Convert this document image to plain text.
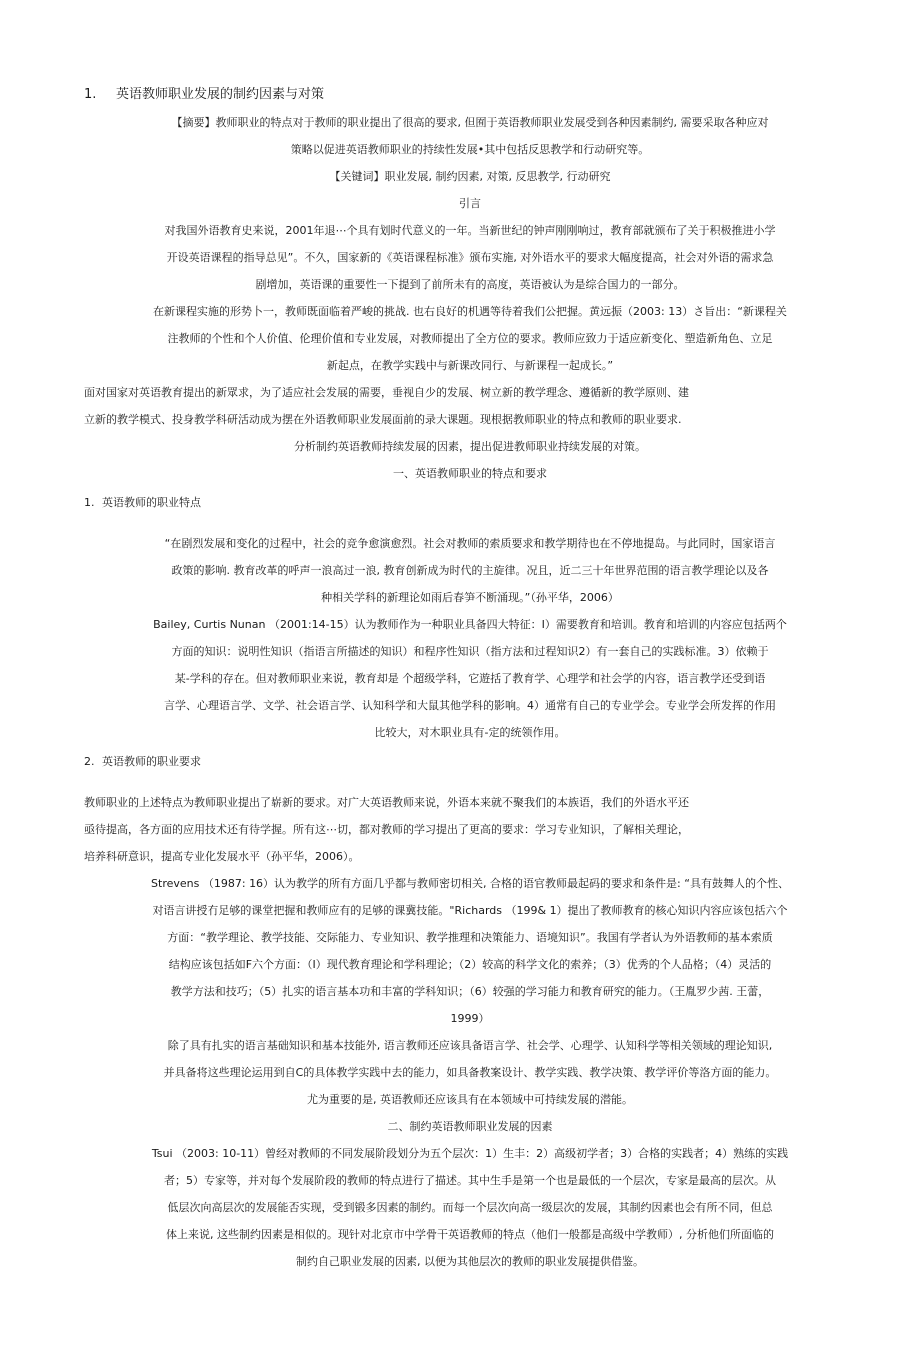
1. 英语教师职业发展的制约因素与对策
【摘要】教师职业的特点对于教师的职业提出了很高的要求, 但囿于英语教师职业发展受到各种因素制约, 需要采取各种应对
策略以促进英语教师职业的持续性发展•其中包括反思教学和行动研究等。
【关键词】职业发展, 制约因素, 对策, 反思教学, 行动研究
引言
对我国外语教育史来说，2001年退⋯个具有划时代意义的一年。当新世纪的钟声刚刚响过，教育部就颁布了关于积极推进小学
开设英语课程的指导总见”。不久，国家新的《英语课程标准》颁布实施, 对外语水平的要求大幅度提高，社会对外语的需求急
剧增加，英语课的重要性一下提到了前所未有的高度，英语被认为是综合国力的一部分。
在新课程实施的形势卜一，教师既面临着严峻的挑战. 也右良好的机遇等待着我们公把握。黄远振（2003: 13）さ旨出：“新课程关
注教师的个性和个人价值、伦理价值和专业发展，对教师提出了全方位的要求。教师应致力于适应新变化、塑造新角色、立足
新起点，在教学实践中与新课改同行、与新课程一起成长。”
面对国家对英语教育提出的新眾求，为了适应社会发展的需要，垂视自少的发展、树立新的教学理念、遵循新的教学原则、建
立新的教学模式、投身教学科研活动成为摆在外语教师职业发展面前的录大课题。现根据教师职业的特点和教师的职业要求.
分析制约英语教师持续发展的因素，提出促进教师职业持续发展的对策。
一、英语教师职业的特点和要求
1. 英语教师的职业特点
“在剧烈发展和变化的过程中，社会的竞争愈演愈烈。社会对教师的索质要求和教学期待也在不停地提岛。与此同时，国家语言
政策的影响. 教育改革的呼声一浪高过一浪, 教育创新成为时代的主旋律。况且，近二三十年世界范围的语言教学理论以及各
种相关学科的新理论如雨后春笋不断涌现。”（孙平华，2006）
Bailey, Curtis Nunan （2001:14-15）认为教师作为一种职业具备四大特征：I）需要教育和培训。教育和培训的内容应包括两个
方面的知识：说明性知识（指语言所描述的知识）和程序性知识（指方法和过程知识2）有一套自己的实践标准。3）依赖于
某-学科的存在。但对教师职业来说，教育却是 个超级学科，它遊括了教育学、心理学和社会学的内容，语言教学还受到语
言学、心理语言学、文学、社会语言学、认知科学和大鼠其他学科的影响。4）通常有自己的专业学会。专业学会所发挥的作用
比较大，对木职业具有-定的统领作用。
2. 英语教师的职业要求
教师职业的上述特点为教师职业提出了崭新的要求。对广大英语教师来说，外语本来就不聚我们的本族语，我们的外语水平还
亟待提高，各方面的应用技术还有待学握。所有这⋯切，都对教师的学习提出了更高的要求：学习专业知识，了解相关理论，
培养科研意识，提高专业化发展水平（孙平华，2006）。
Strevens （1987: 16）认为教学的所有方面几乎都与教师密切相关, 合格的语官教师最起码的要求和条件是: “具有鼓舞人的个性、
对语言讲授冇足够的课堂把握和教师应有的足够的课冀技能。"Richards （199& 1）提出了教师教育的核心知识内容应该包括六个
方面：“教学理论、教学技能、交际能力、专业知识、教学推理和决策能力、语境知识”。我国有学者认为外语教师的基本索质
结构应该包括如F六个方面：（I）现代教育理论和学科理论；（2）较高的科学文化的索养；（3）优秀的个人品格；（4）灵活的
教学方法和技巧；（5）扎实的语言基本功和丰富的学科知识；（6）较强的学习能力和教育研究的能力。（王胤罗少茜. 王蕾，
1999）
除了具有扎实的语言基础知识和基本技能外, 语言教师还应该具备语言学、社会学、心理学、认知科学等相关领域的理论知识,
并具备将这些理论运用到自C的具体教学实践中去的能力，如具备教案设计、教学实践、教学决策、教学评价等洛方面的能力。
尤为重要的是, 英语教师还应该具有在本领域中可持续发展的潜能。
二、制约英语教师职业发展的因素
Tsui （2003: 10-11）曾经对教师的不同发展阶段划分为五个层次：1）生丰：2）高级初学者；3）合格的实践者；4）熟练的实践
者；5）专家等，并对每个发展阶段的教师的特点进行了描述。其中生手是第一个也是最低的一个层次，专家是最高的层次。从
低层次向高层次的发展能否实现，受到锻多因素的制约。而每一个层次向高一级层次的发展，其制约因素也会有所不同，但总
体上来说, 这些制约因素是相似的。现针对北京市中学骨干英语教师的特点（他们一般都是高级中学教师）, 分析他们所面临的
制约自己职业发展的因素, 以便为其他层次的教师的职业发展提供借鉴。
